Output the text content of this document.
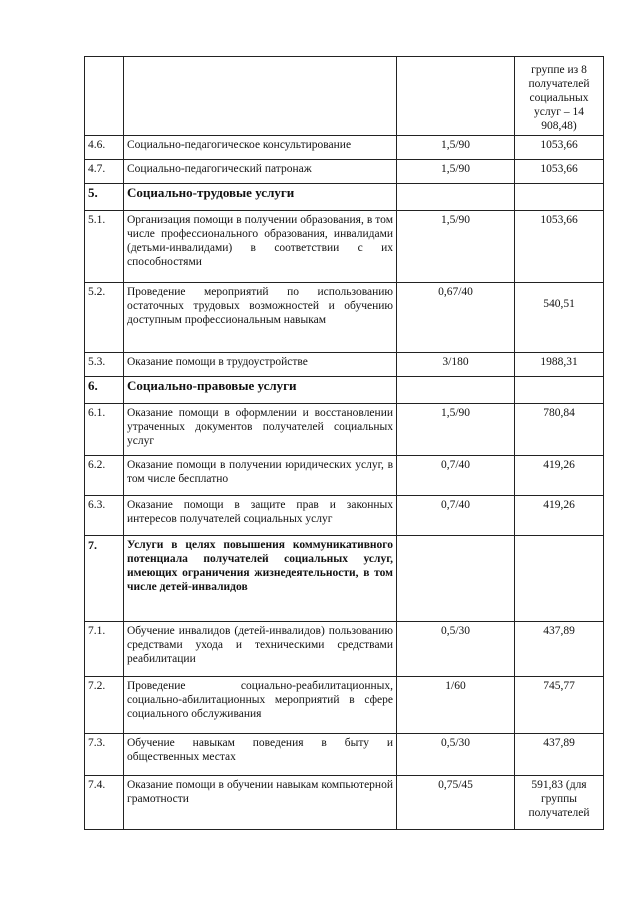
			группе из 8 получателей социальных услуг – 14 908,48)
4.6.	Социально-педагогическое консультирование	1,5/90	1053,66
4.7.	Социально-педагогический патронаж	1,5/90	1053,66
5.	Социально-трудовые услуги		
5.1.	Организация помощи в получении образования, в том числе профессионального образования, инвалидами (детьми-инвалидами) в соответствии с их способностями	1,5/90	1053,66
5.2.	Проведение мероприятий по использованию остаточных трудовых возможностей и обучению доступным профессиональным навыкам	0,67/40	540,51
5.3.	Оказание помощи в трудоустройстве	3/180	1988,31
6.	Социально-правовые услуги		
6.1.	Оказание помощи в оформлении и восстановлении утраченных документов получателей социальных услуг	1,5/90	780,84
6.2.	Оказание помощи в получении юридических услуг, в том числе бесплатно	0,7/40	419,26
6.3.	Оказание помощи в защите прав и законных интересов получателей социальных услуг	0,7/40	419,26
7.	Услуги в целях повышения коммуникативного потенциала получателей социальных услуг, имеющих ограничения жизнедеятельности, в том числе детей-инвалидов		
7.1.	Обучение инвалидов (детей-инвалидов) пользованию средствами ухода и техническими средствами реабилитации	0,5/30	437,89
7.2.	Проведение социально-реабилитационных, социально-абилитационных мероприятий в сфере социального обслуживания	1/60	745,77
7.3.	Обучение навыкам поведения в быту и общественных местах	0,5/30	437,89
7.4.	Оказание помощи в обучении навыкам компьютерной грамотности	0,75/45	591,83 (для группы получателей
